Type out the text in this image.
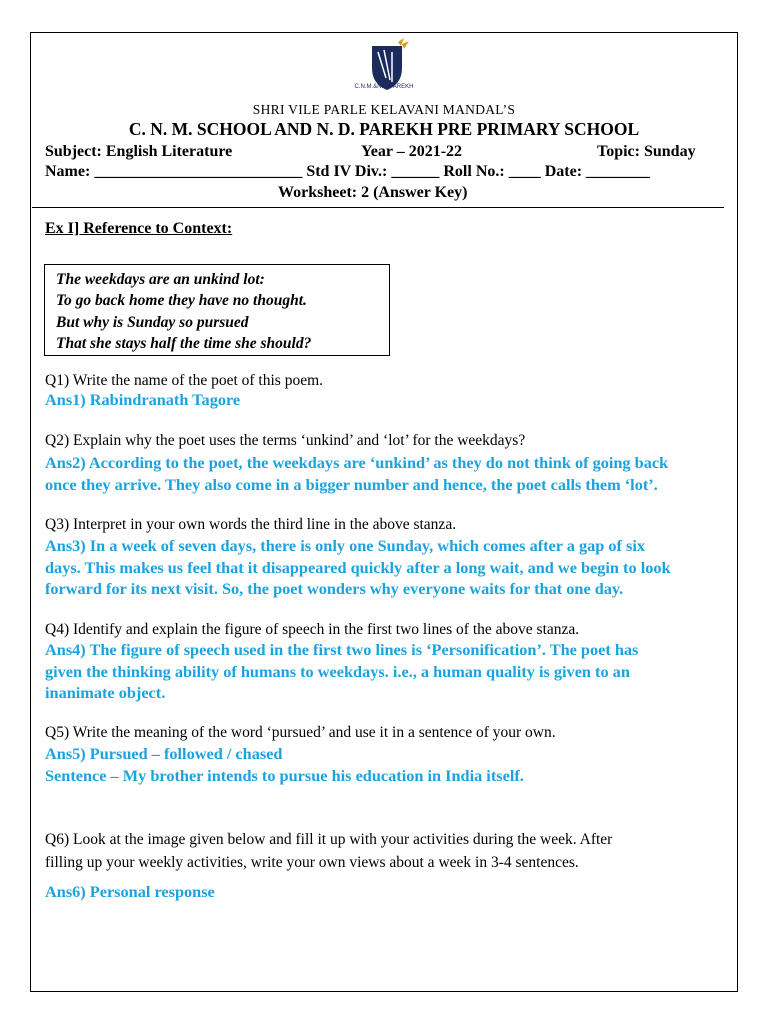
C.N.M.&N.D.PAREKH
SHRI VILE PARLE KELAVANI MANDAL’S
C. N. M. SCHOOL AND N. D. PAREKH PRE PRIMARY SCHOOL
Subject: English Literature	Year – 2021-22	Topic: Sunday
Name: __________________________ Std IV Div.: ______ Roll No.: ____ Date: ________
Worksheet: 2 (Answer Key)
Ex I] Reference to Context:
The weekdays are an unkind lot:
To go back home they have no thought.
But why is Sunday so pursued
That she stays half the time she should?
Q1) Write the name of the poet of this poem.
Ans1) Rabindranath Tagore
Q2) Explain why the poet uses the terms ‘unkind’ and ‘lot’ for the weekdays?
Ans2) According to the poet, the weekdays are ‘unkind’ as they do not think of going back
once they arrive. They also come in a bigger number and hence, the poet calls them ‘lot’.
Q3) Interpret in your own words the third line in the above stanza.
Ans3) In a week of seven days, there is only one Sunday, which comes after a gap of six
days. This makes us feel that it disappeared quickly after a long wait, and we begin to look
forward for its next visit. So, the poet wonders why everyone waits for that one day.
Q4) Identify and explain the figure of speech in the first two lines of the above stanza.
Ans4) The figure of speech used in the first two lines is ‘Personification’. The poet has
given the thinking ability of humans to weekdays. i.e., a human quality is given to an
inanimate object.
Q5) Write the meaning of the word ‘pursued’ and use it in a sentence of your own.
Ans5) Pursued – followed / chased
Sentence – My brother intends to pursue his education in India itself.
Q6) Look at the image given below and fill it up with your activities during the week. After
filling up your weekly activities, write your own views about a week in 3-4 sentences.
Ans6) Personal response
